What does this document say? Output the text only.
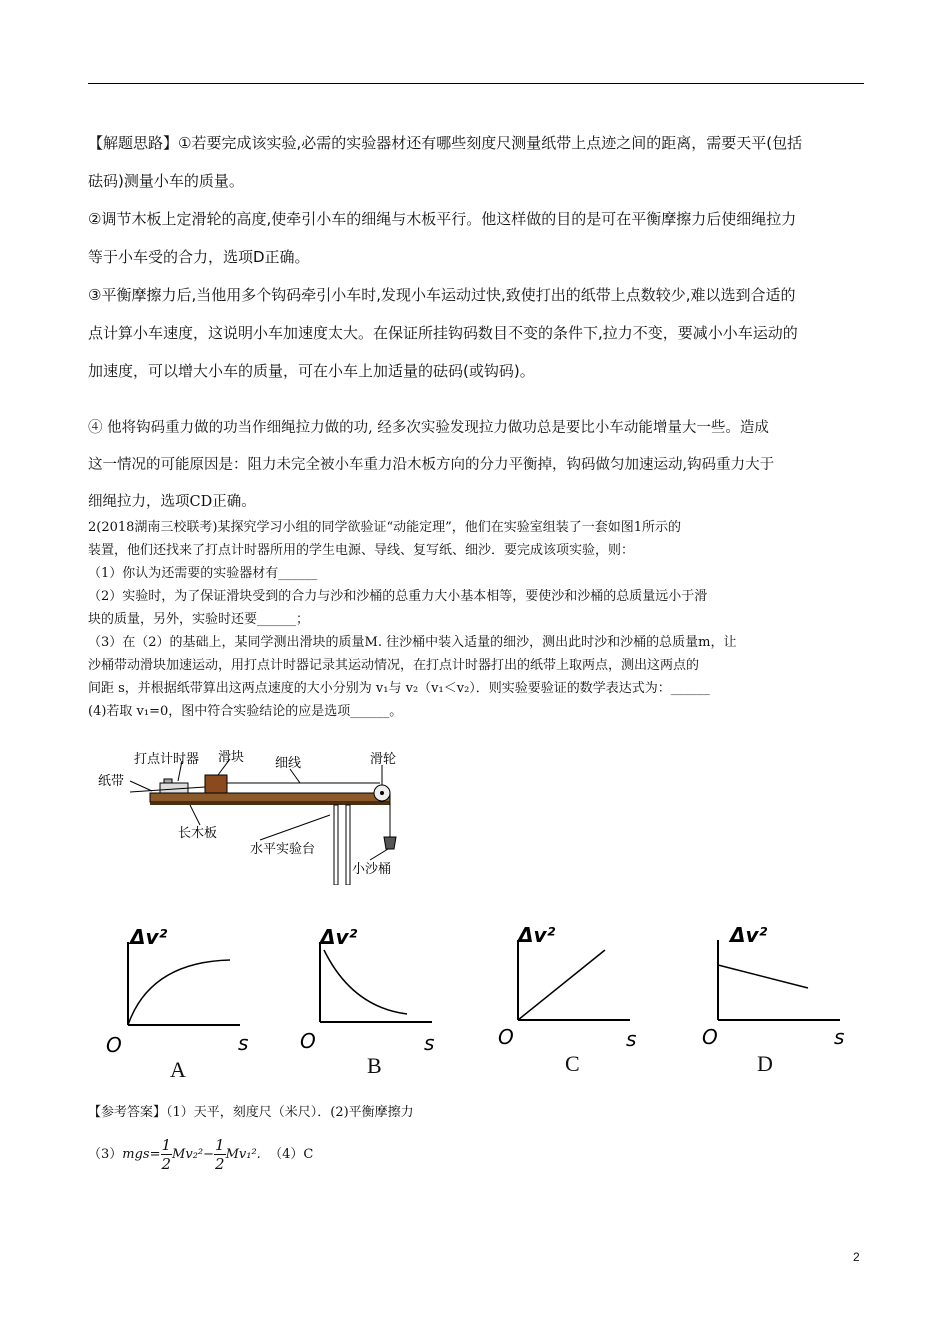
【解题思路】①若要完成该实验,必需的实验器材还有哪些刻度尺测量纸带上点迹之间的距离，需要天平(包括
砝码)测量小车的质量。
②调节木板上定滑轮的高度,使牵引小车的细绳与木板平行。他这样做的目的是可在平衡摩擦力后使细绳拉力
等于小车受的合力，选项D正确。
③平衡摩擦力后,当他用多个钩码牵引小车时,发现小车运动过快,致使打出的纸带上点数较少,难以选到合适的
点计算小车速度，这说明小车加速度太大。在保证所挂钩码数目不变的条件下,拉力不变，要减小小车运动的
加速度，可以增大小车的质量，可在小车上加适量的砝码(或钩码)。
④ 他将钩码重力做的功当作细绳拉力做的功, 经多次实验发现拉力做功总是要比小车动能增量大一些。造成
这一情况的可能原因是：阻力未完全被小车重力沿木板方向的分力平衡掉，钩码做匀加速运动,钩码重力大于
细绳拉力，选项CD正确。
2(2018湖南三校联考)某探究学习小组的同学欲验证“动能定理”，他们在实验室组装了一套如图1所示的
装置，他们还找来了打点计时器所用的学生电源、导线、复写纸、细沙．要完成该项实验，则：
（1）你认为还需要的实验器材有______
（2）实验时，为了保证滑块受到的合力与沙和沙桶的总重力大小基本相等，要使沙和沙桶的总质量远小于滑
块的质量，另外，实验时还要______；
（3）在（2）的基础上，某同学测出滑块的质量M. 往沙桶中装入适量的细沙，测出此时沙和沙桶的总质量m，让
沙桶带动滑块加速运动，用打点计时器记录其运动情况，在打点计时器打出的纸带上取两点，测出这两点的
间距 s，并根据纸带算出这两点速度的大小分别为 v₁与 v₂（v₁＜v₂）．则实验要验证的数学表达式为：______
(4)若取 v₁=0，图中符合实验结论的应是选项______。
打点计时器 滑块 细线	滑轮
纸带
长木板
水平实验台
小沙桶
Δv²
O	s
Δv²
O	s
Δv²
O	s
Δv²
O	s
A	B	C	D
【参考答案】（1）天平，刻度尺（米尺）．(2)平衡摩擦力
$(3)mgs= \frac{1}{2} Mv_2^2- \frac{1}{2} Mv_1^2$. （4）C
2
